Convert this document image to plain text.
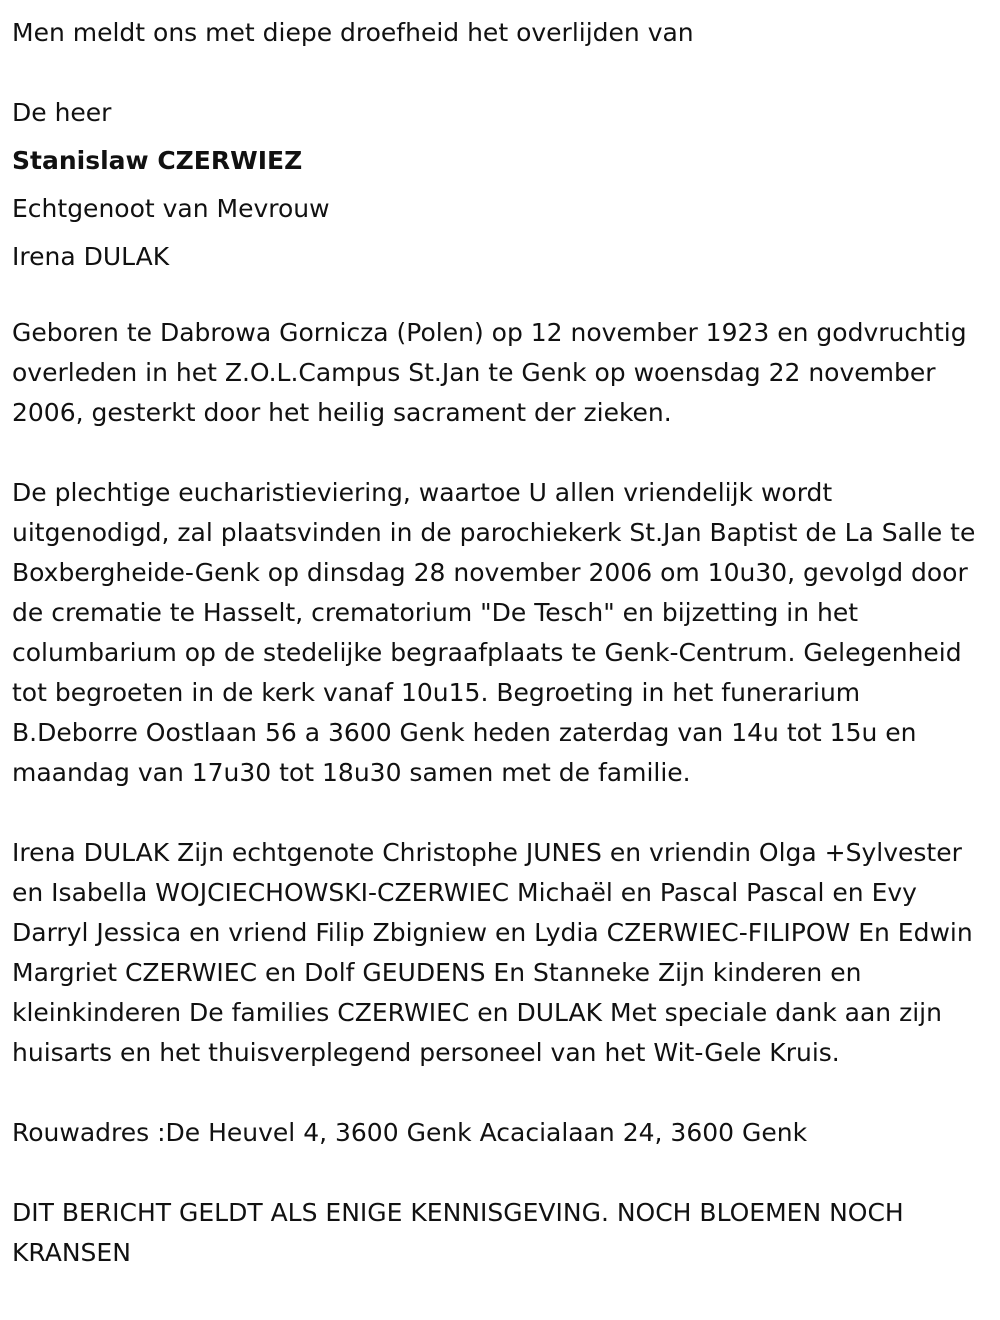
Men meldt ons met diepe droefheid het overlijden van

De heer

Stanislaw CZERWIEZ

Echtgenoot van Mevrouw

Irena DULAK

Geboren te Dabrowa Gornicza (Polen) op 12 november 1923 en godvruchtig overleden in het Z.O.L.Campus St.Jan te Genk op woensdag 22 november 2006, gesterkt door het heilig sacrament der zieken.

De plechtige eucharistieviering, waartoe U allen vriendelijk wordt uitgenodigd, zal plaatsvinden in de parochiekerk St.Jan Baptist de La Salle te Boxbergheide-Genk op dinsdag 28 november 2006 om 10u30, gevolgd door de crematie te Hasselt, crematorium "De Tesch" en bijzetting in het columbarium op de stedelijke begraafplaats te Genk-Centrum. Gelegenheid tot begroeten in de kerk vanaf 10u15. Begroeting in het funerarium B.Deborre Oostlaan 56 a 3600 Genk heden zaterdag van 14u tot 15u en maandag van 17u30 tot 18u30 samen met de familie.

Irena DULAK Zijn echtgenote Christophe JUNES en vriendin Olga +Sylvester en Isabella WOJCIECHOWSKI-CZERWIEC Michaël en Pascal Pascal en Evy Darryl Jessica en vriend Filip Zbigniew en Lydia CZERWIEC-FILIPOW En Edwin Margriet CZERWIEC en Dolf GEUDENS En Stanneke Zijn kinderen en kleinkinderen De families CZERWIEC en DULAK Met speciale dank aan zijn huisarts en het thuisverplegend personeel van het Wit-Gele Kruis.

Rouwadres :De Heuvel 4, 3600 Genk Acacialaan 24, 3600 Genk

DIT BERICHT GELDT ALS ENIGE KENNISGEVING. NOCH BLOEMEN NOCH KRANSEN
